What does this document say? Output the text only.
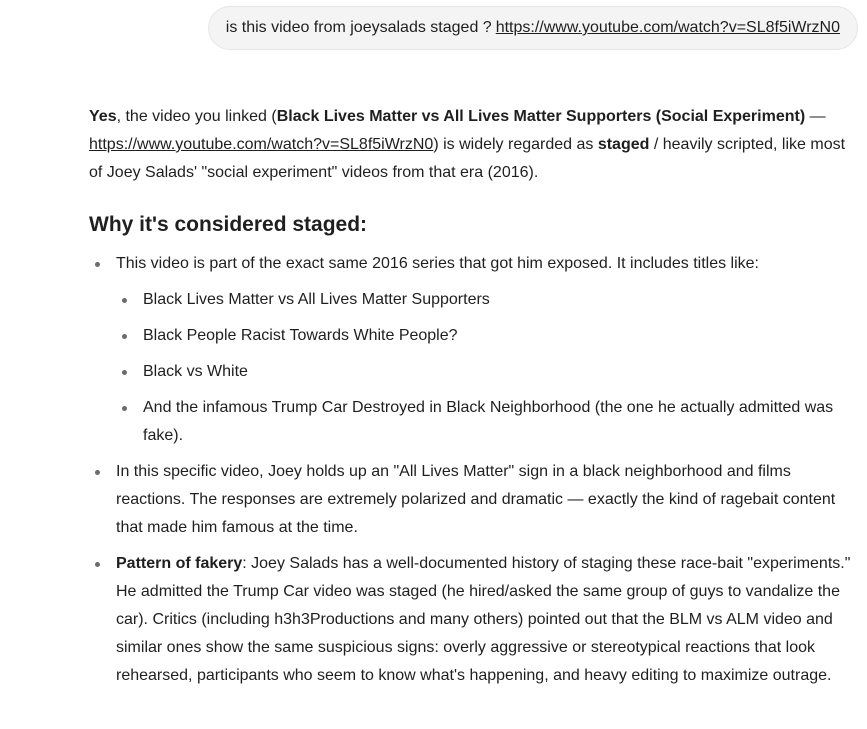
is this video from joeysalads staged ? https://www.youtube.com/watch?v=SL8f5iWrzN0

Yes, the video you linked (Black Lives Matter vs All Lives Matter Supporters (Social Experiment) — https://www.youtube.com/watch?v=SL8f5iWrzN0) is widely regarded as staged / heavily scripted, like most of Joey Salads' "social experiment" videos from that era (2016).

Why it's considered staged:
This video is part of the exact same 2016 series that got him exposed. It includes titles like:
Black Lives Matter vs All Lives Matter Supporters
Black People Racist Towards White People?
Black vs White
And the infamous Trump Car Destroyed in Black Neighborhood (the one he actually admitted was fake).
In this specific video, Joey holds up an "All Lives Matter" sign in a black neighborhood and films reactions. The responses are extremely polarized and dramatic — exactly the kind of ragebait content that made him famous at the time.
Pattern of fakery: Joey Salads has a well-documented history of staging these race-bait "experiments." He admitted the Trump Car video was staged (he hired/asked the same group of guys to vandalize the car). Critics (including h3h3Productions and many others) pointed out that the BLM vs ALM video and similar ones show the same suspicious signs: overly aggressive or stereotypical reactions that look rehearsed, participants who seem to know what's happening, and heavy editing to maximize outrage.
